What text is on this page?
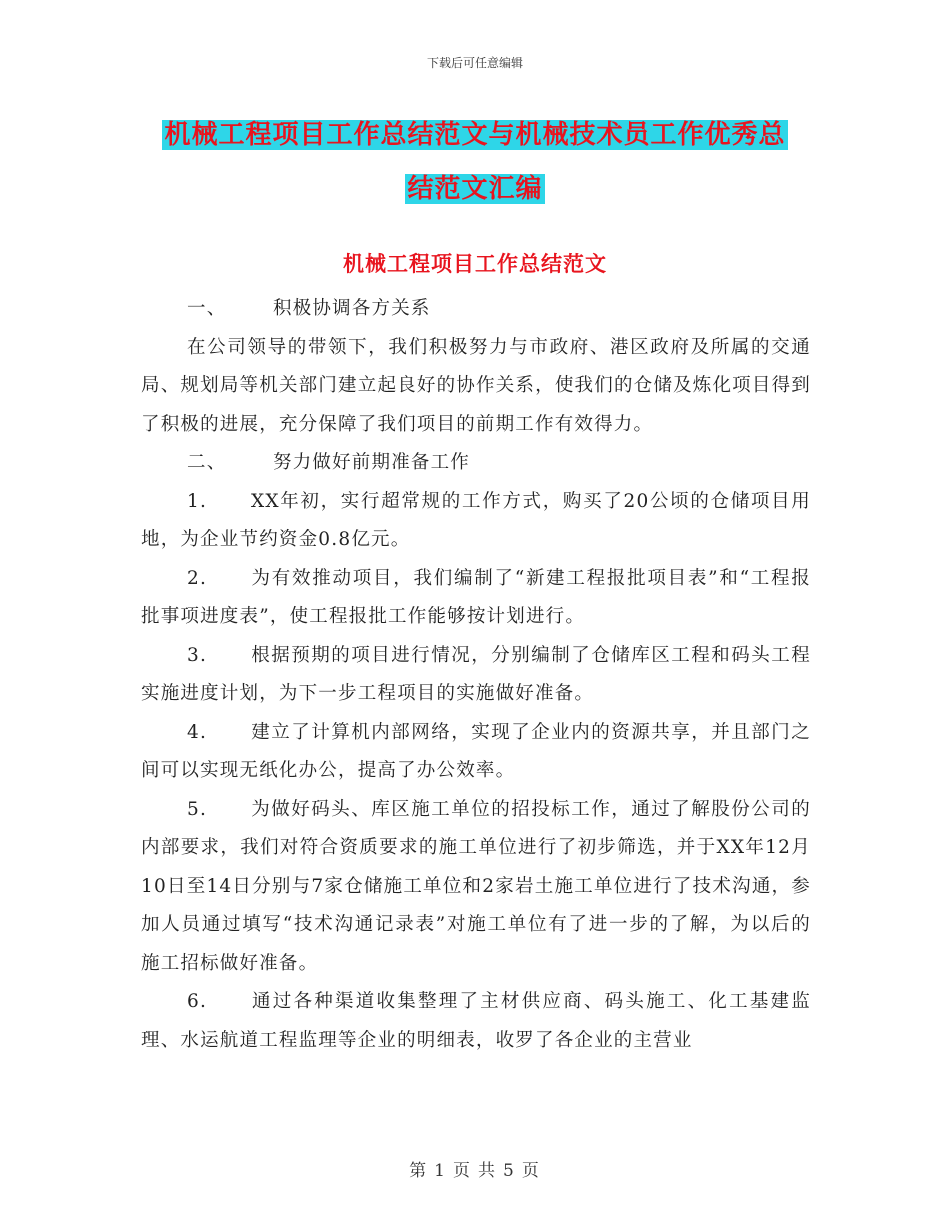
下载后可任意编辑
机械工程项目工作总结范文与机械技术员工作优秀总
结范文汇编
机械工程项目工作总结范文

一、	积极协调各方关系

在公司领导的带领下，我们积极努力与市政府、港区政府及所属的交通局、规划局等机关部门建立起良好的协作关系，使我们的仓储及炼化项目得到了积极的进展，充分保障了我们项目的前期工作有效得力。

二、	努力做好前期准备工作

1. XX年初，实行超常规的工作方式，购买了20公顷的仓储项目用地，为企业节约资金0.8亿元。

2. 为有效推动项目，我们编制了“新建工程报批项目表”和“工程报批事项进度表”，使工程报批工作能够按计划进行。

3. 根据预期的项目进行情况，分别编制了仓储库区工程和码头工程实施进度计划，为下一步工程项目的实施做好准备。

4. 建立了计算机内部网络，实现了企业内的资源共享，并且部门之间可以实现无纸化办公，提高了办公效率。

5. 为做好码头、库区施工单位的招投标工作，通过了解股份公司的内部要求，我们对符合资质要求的施工单位进行了初步筛选，并于XX年12月10日至14日分别与7家仓储施工单位和2家岩土施工单位进行了技术沟通，参加人员通过填写“技术沟通记录表”对施工单位有了进一步的了解，为以后的施工招标做好准备。

6. 通过各种渠道收集整理了主材供应商、码头施工、化工基建监理、水运航道工程监理等企业的明细表，收罗了各企业的主营业

第 1 页 共 5 页
